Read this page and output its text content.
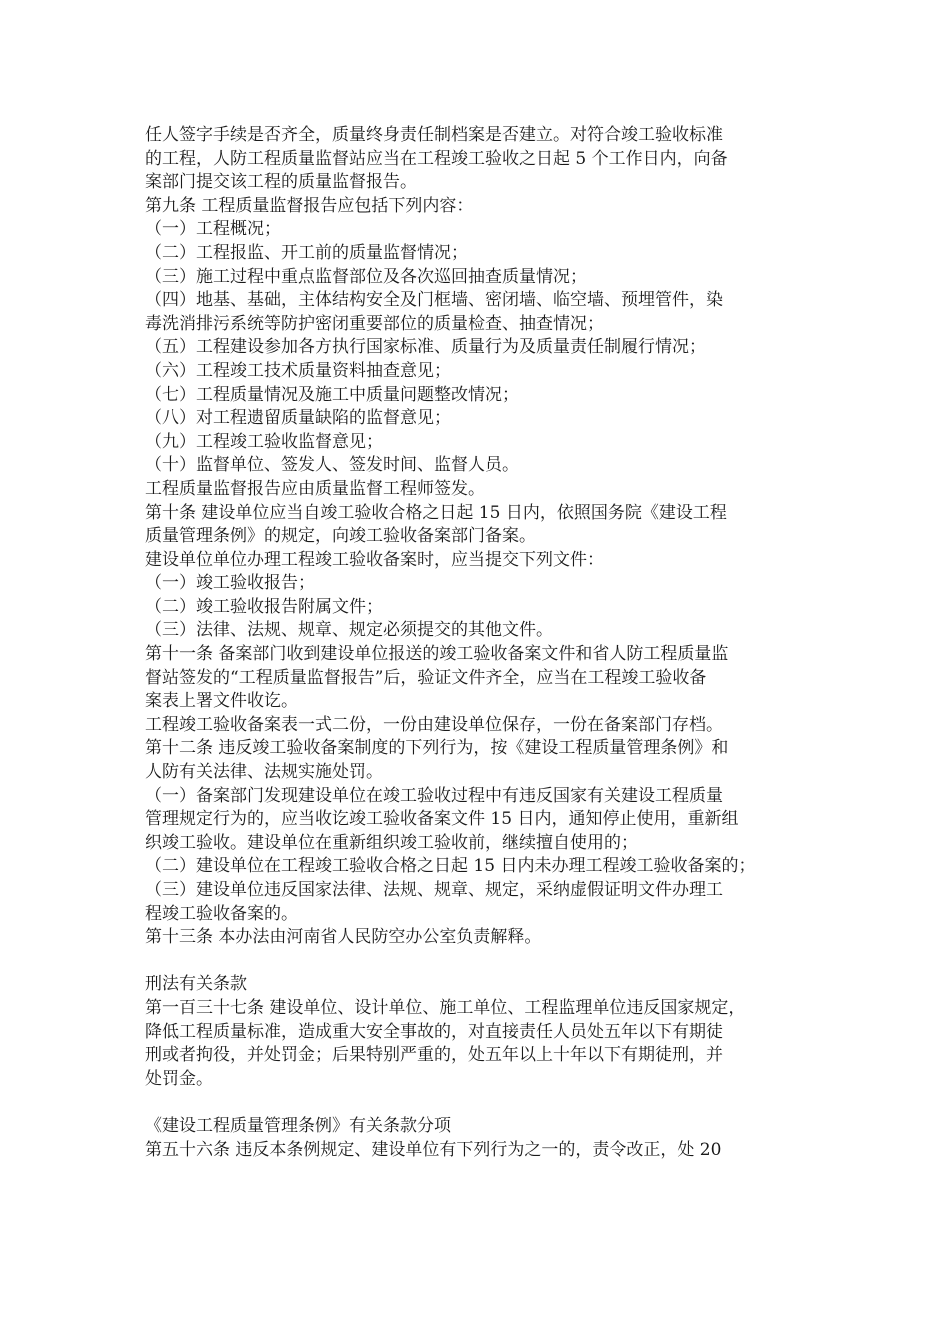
任人签字手续是否齐全，质量终身责任制档案是否建立。对符合竣工验收标准
的工程，人防工程质量监督站应当在工程竣工验收之日起 5 个工作日内，向备
案部门提交该工程的质量监督报告。
第九条 工程质量监督报告应包括下列内容：
（一）工程概况；
（二）工程报监、开工前的质量监督情况；
（三）施工过程中重点监督部位及各次巡回抽查质量情况；
（四）地基、基础，主体结构安全及门框墙、密闭墙、临空墙、预埋管件，染
毒洗消排污系统等防护密闭重要部位的质量检查、抽查情况；
（五）工程建设参加各方执行国家标准、质量行为及质量责任制履行情况；
（六）工程竣工技术质量资料抽查意见；
（七）工程质量情况及施工中质量问题整改情况；
（八）对工程遗留质量缺陷的监督意见；
（九）工程竣工验收监督意见；
（十）监督单位、签发人、签发时间、监督人员。
工程质量监督报告应由质量监督工程师签发。
第十条 建设单位应当自竣工验收合格之日起 15 日内，依照国务院《建设工程
质量管理条例》的规定，向竣工验收备案部门备案。
建设单位单位办理工程竣工验收备案时，应当提交下列文件：
（一）竣工验收报告；
（二）竣工验收报告附属文件；
（三）法律、法规、规章、规定必须提交的其他文件。
第十一条 备案部门收到建设单位报送的竣工验收备案文件和省人防工程质量监
督站签发的“工程质量监督报告”后，验证文件齐全，应当在工程竣工验收备
案表上署文件收讫。
工程竣工验收备案表一式二份，一份由建设单位保存，一份在备案部门存档。
第十二条 违反竣工验收备案制度的下列行为，按《建设工程质量管理条例》和
人防有关法律、法规实施处罚。
（一）备案部门发现建设单位在竣工验收过程中有违反国家有关建设工程质量
管理规定行为的，应当收讫竣工验收备案文件 15 日内，通知停止使用，重新组
织竣工验收。建设单位在重新组织竣工验收前，继续擅自使用的；
（二）建设单位在工程竣工验收合格之日起 15 日内未办理工程竣工验收备案的；
（三）建设单位违反国家法律、法规、规章、规定，采纳虚假证明文件办理工
程竣工验收备案的。
第十三条 本办法由河南省人民防空办公室负责解释。
刑法有关条款
第一百三十七条 建设单位、设计单位、施工单位、工程监理单位违反国家规定，
降低工程质量标准，造成重大安全事故的，对直接责任人员处五年以下有期徒
刑或者拘役，并处罚金；后果特别严重的，处五年以上十年以下有期徒刑，并
处罚金。
《建设工程质量管理条例》有关条款分项
第五十六条 违反本条例规定、建设单位有下列行为之一的，责令改正，处 20
